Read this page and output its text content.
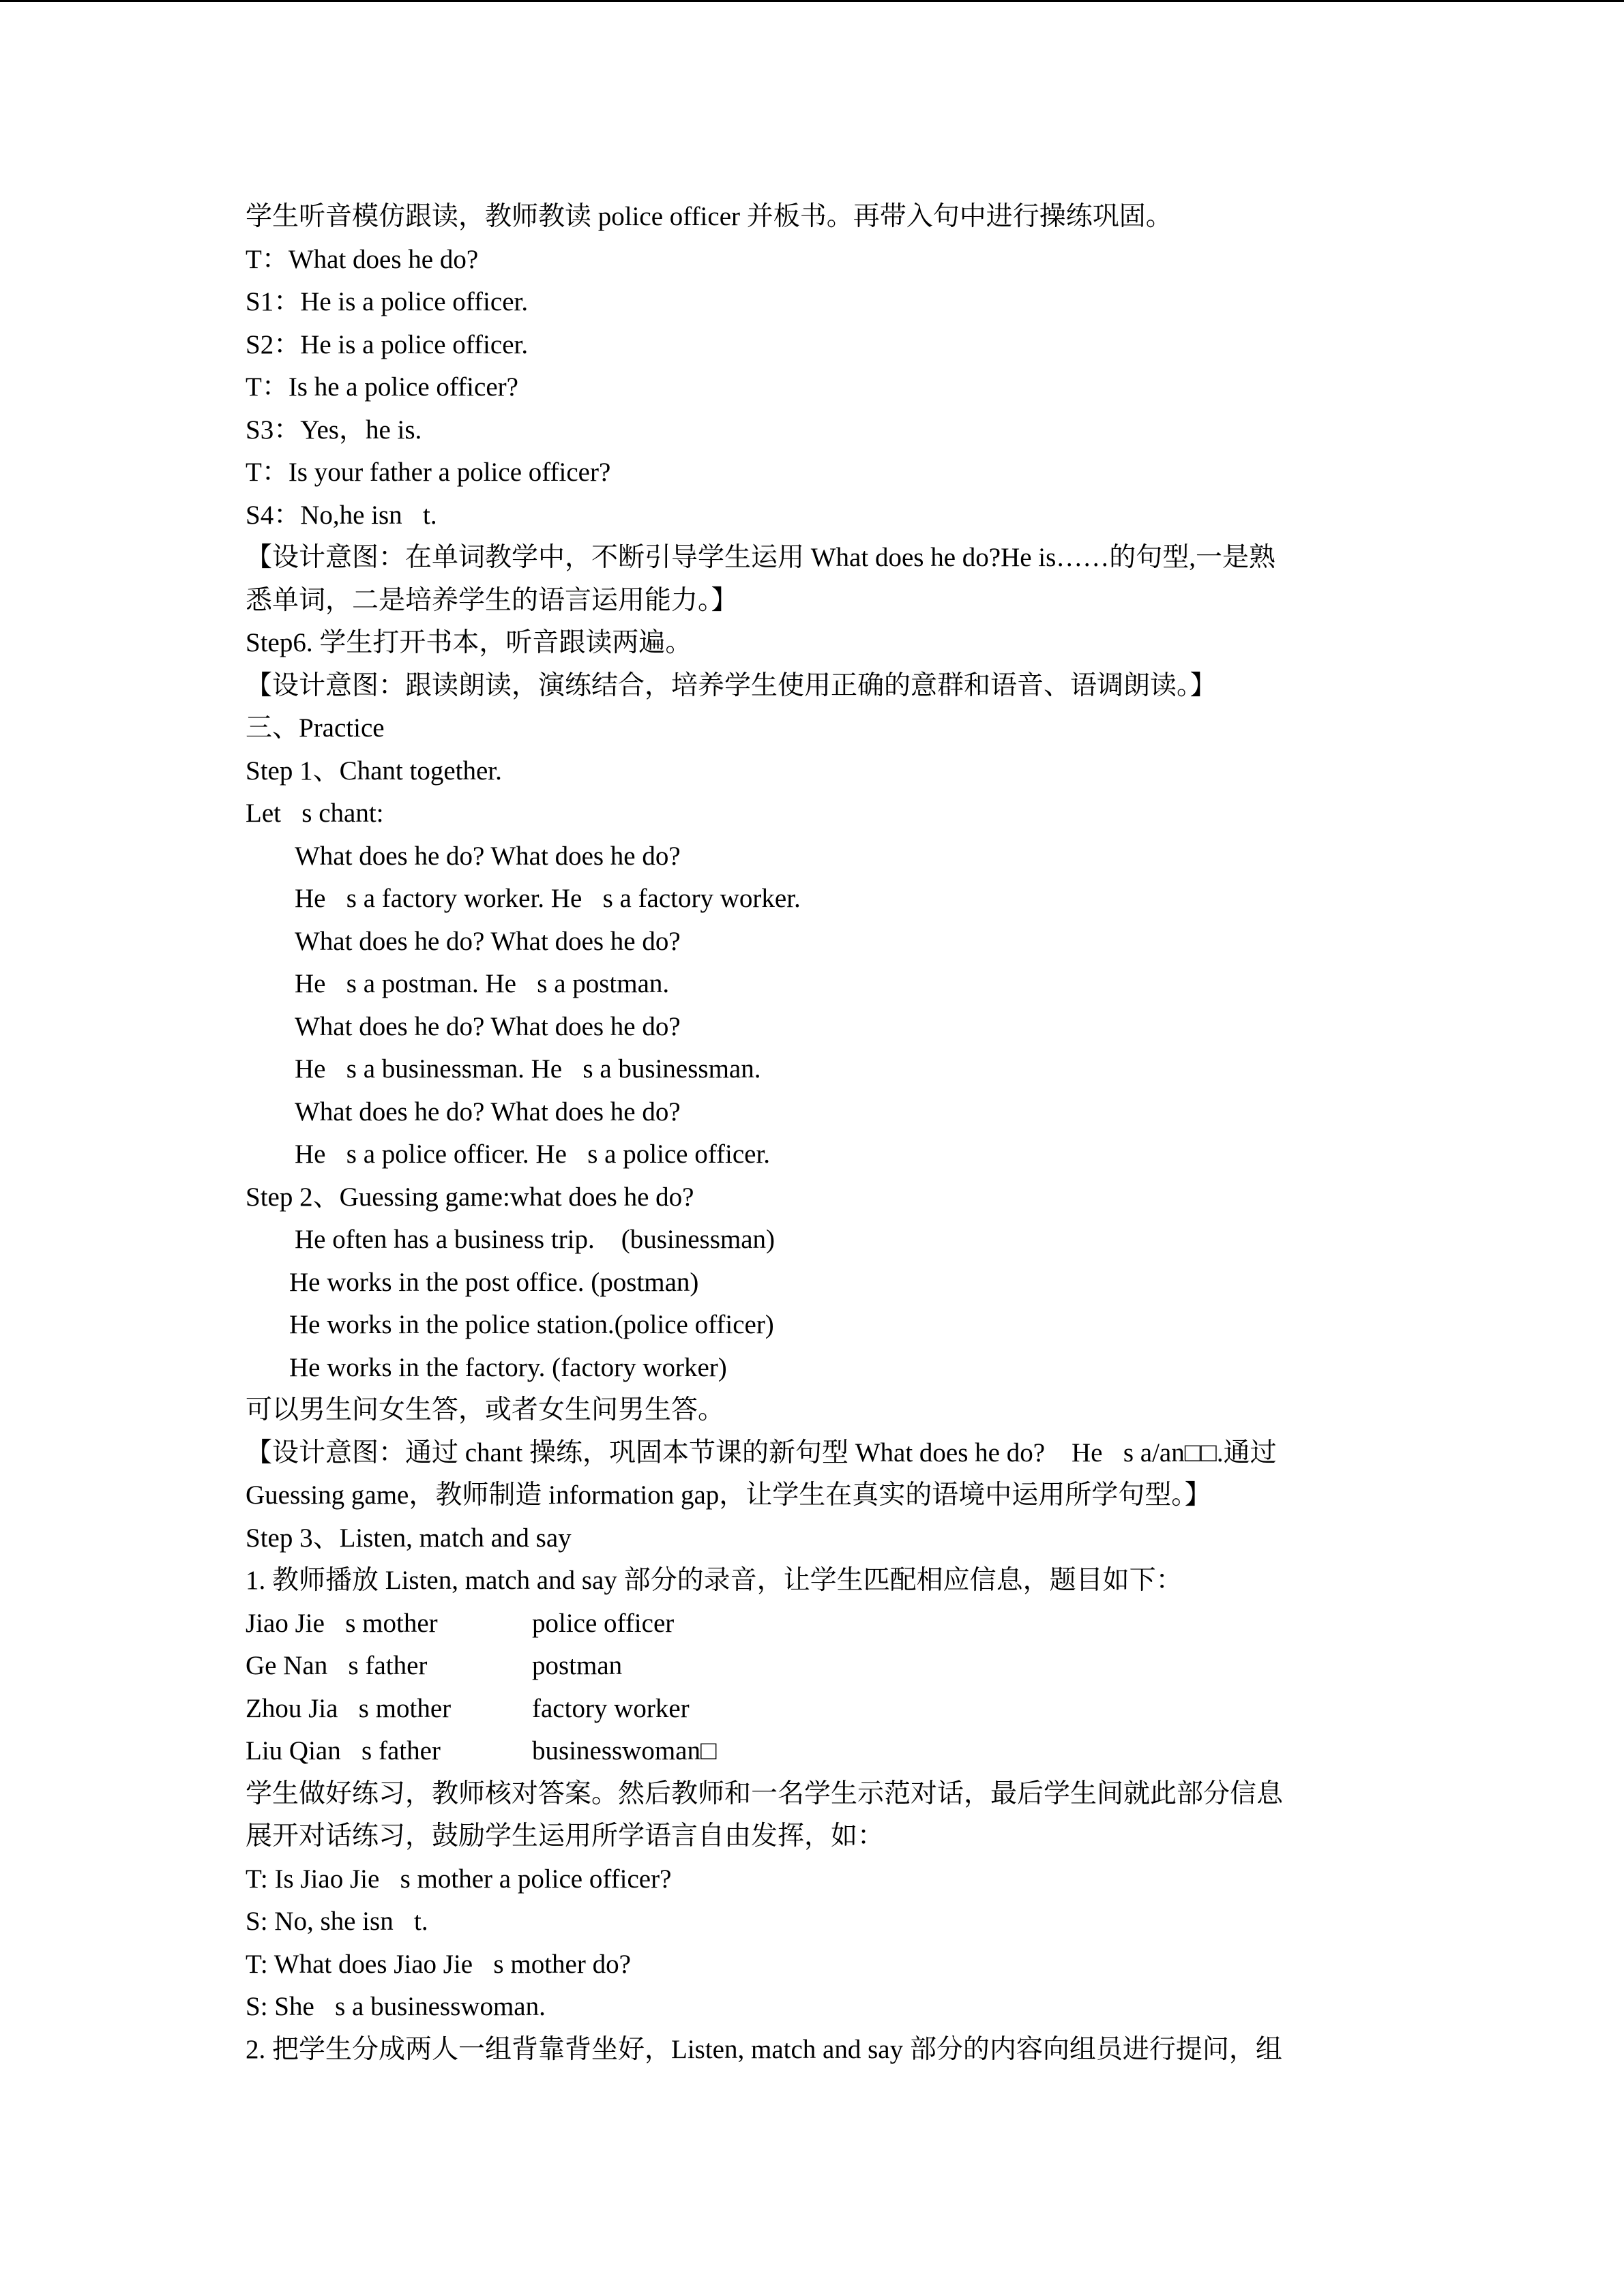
学生听音模仿跟读，教师教读 police officer 并板书。再带入句中进行操练巩固。
T：What does he do?
S1：He is a police officer.
S2：He is a police officer.
T：Is he a police officer?
S3：Yes，he is.
T：Is your father a police officer?
S4：No,he isn t.
【设计意图：在单词教学中，不断引导学生运用 What does he do?He is……的句型,一是熟
悉单词，二是培养学生的语言运用能力。】
Step6. 学生打开书本，听音跟读两遍。
【设计意图：跟读朗读，演练结合，培养学生使用正确的意群和语音、语调朗读。】
三、Practice
Step 1、Chant together.
Let s chant:
What does he do? What does he do?
He s a factory worker. He s a factory worker.
What does he do? What does he do?
He s a postman. He s a postman.
What does he do? What does he do?
He s a businessman. He s a businessman.
What does he do? What does he do?
He s a police officer. He s a police officer.
Step 2、Guessing game:what does he do?
He often has a business trip.    (businessman)
He works in the post office. (postman)
He works in the police station.(police officer)
He works in the factory. (factory worker)
可以男生问女生答，或者女生问男生答。
【设计意图：通过 chant 操练，巩固本节课的新句型 What does he do?    He s a/an□□.通过
Guessing game，教师制造 information gap，让学生在真实的语境中运用所学句型。】
Step 3、Listen, match and say
1. 教师播放 Listen, match and say 部分的录音，让学生匹配相应信息，题目如下：
Jiao Jie s mother	police officer
Ge Nan s father	postman
Zhou Jia s mother	factory worker
Liu Qian s father	businesswoman□
学生做好练习，教师核对答案。然后教师和一名学生示范对话，最后学生间就此部分信息
展开对话练习，鼓励学生运用所学语言自由发挥，如：
T: Is Jiao Jie s mother a police officer?
S: No, she isn t.
T: What does Jiao Jie s mother do?
S: She s a businesswoman.
2. 把学生分成两人一组背靠背坐好，Listen, match and say 部分的内容向组员进行提问，组
